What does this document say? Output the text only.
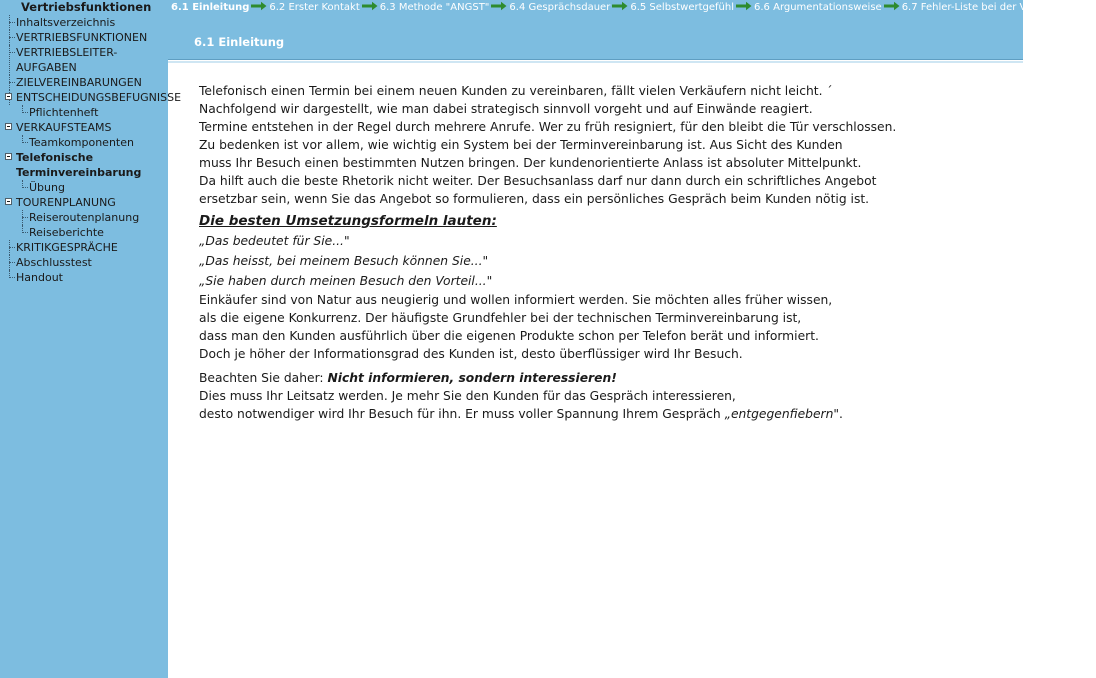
Vertriebsfunktionen
Inhaltsverzeichnis
VERTRIEBSFUNKTIONEN
VERTRIEBSLEITER-AUFGABEN
ZIELVEREINBARUNGEN
ENTSCHEIDUNGSBEFUGNISSE
Pflichtenheft
VERKAUFSTEAMS
Teamkomponenten
Telefonische Terminvereinbarung
Übung
TOURENPLANUNG
Reiseroutenplanung
Reiseberichte
KRITIKGESPRÄCHE
Abschlusstest
Handout
6.1 Einleitung 6.2 Erster Kontakt 6.3 Methode "ANGST" 6.4 Gesprächsdauer 6.5 Selbstwertgefühl 6.6 Argumentationsweise 6.7 Fehler-Liste bei der Vereinbarung v
6.1 Einleitung

Telefonisch einen Termin bei einem neuen Kunden zu vereinbaren, fällt vielen Verkäufern nicht leicht. ´

Nachfolgend wir dargestellt, wie man dabei strategisch sinnvoll vorgeht und auf Einwände reagiert.

Termine entstehen in der Regel durch mehrere Anrufe. Wer zu früh resigniert, für den bleibt die Tür verschlossen.

Zu bedenken ist vor allem, wie wichtig ein System bei der Terminvereinbarung ist. Aus Sicht des Kunden

muss Ihr Besuch einen bestimmten Nutzen bringen. Der kundenorientierte Anlass ist absoluter Mittelpunkt.

Da hilft auch die beste Rhetorik nicht weiter. Der Besuchsanlass darf nur dann durch ein schriftliches Angebot

ersetzbar sein, wenn Sie das Angebot so formulieren, dass ein persönliches Gespräch beim Kunden nötig ist.

Die besten Umsetzungsformeln lauten:

„Das bedeutet für Sie..."

„Das heisst, bei meinem Besuch können Sie..."

„Sie haben durch meinen Besuch den Vorteil..."

Einkäufer sind von Natur aus neugierig und wollen informiert werden. Sie möchten alles früher wissen,

als die eigene Konkurrenz. Der häufigste Grundfehler bei der technischen Terminvereinbarung ist,

dass man den Kunden ausführlich über die eigenen Produkte schon per Telefon berät und informiert.

Doch je höher der Informationsgrad des Kunden ist, desto überflüssiger wird Ihr Besuch.

Beachten Sie daher: Nicht informieren, sondern interessieren!

Dies muss Ihr Leitsatz werden. Je mehr Sie den Kunden für das Gespräch interessieren,

desto notwendiger wird Ihr Besuch für ihn. Er muss voller Spannung Ihrem Gespräch „entgegenfiebern".
